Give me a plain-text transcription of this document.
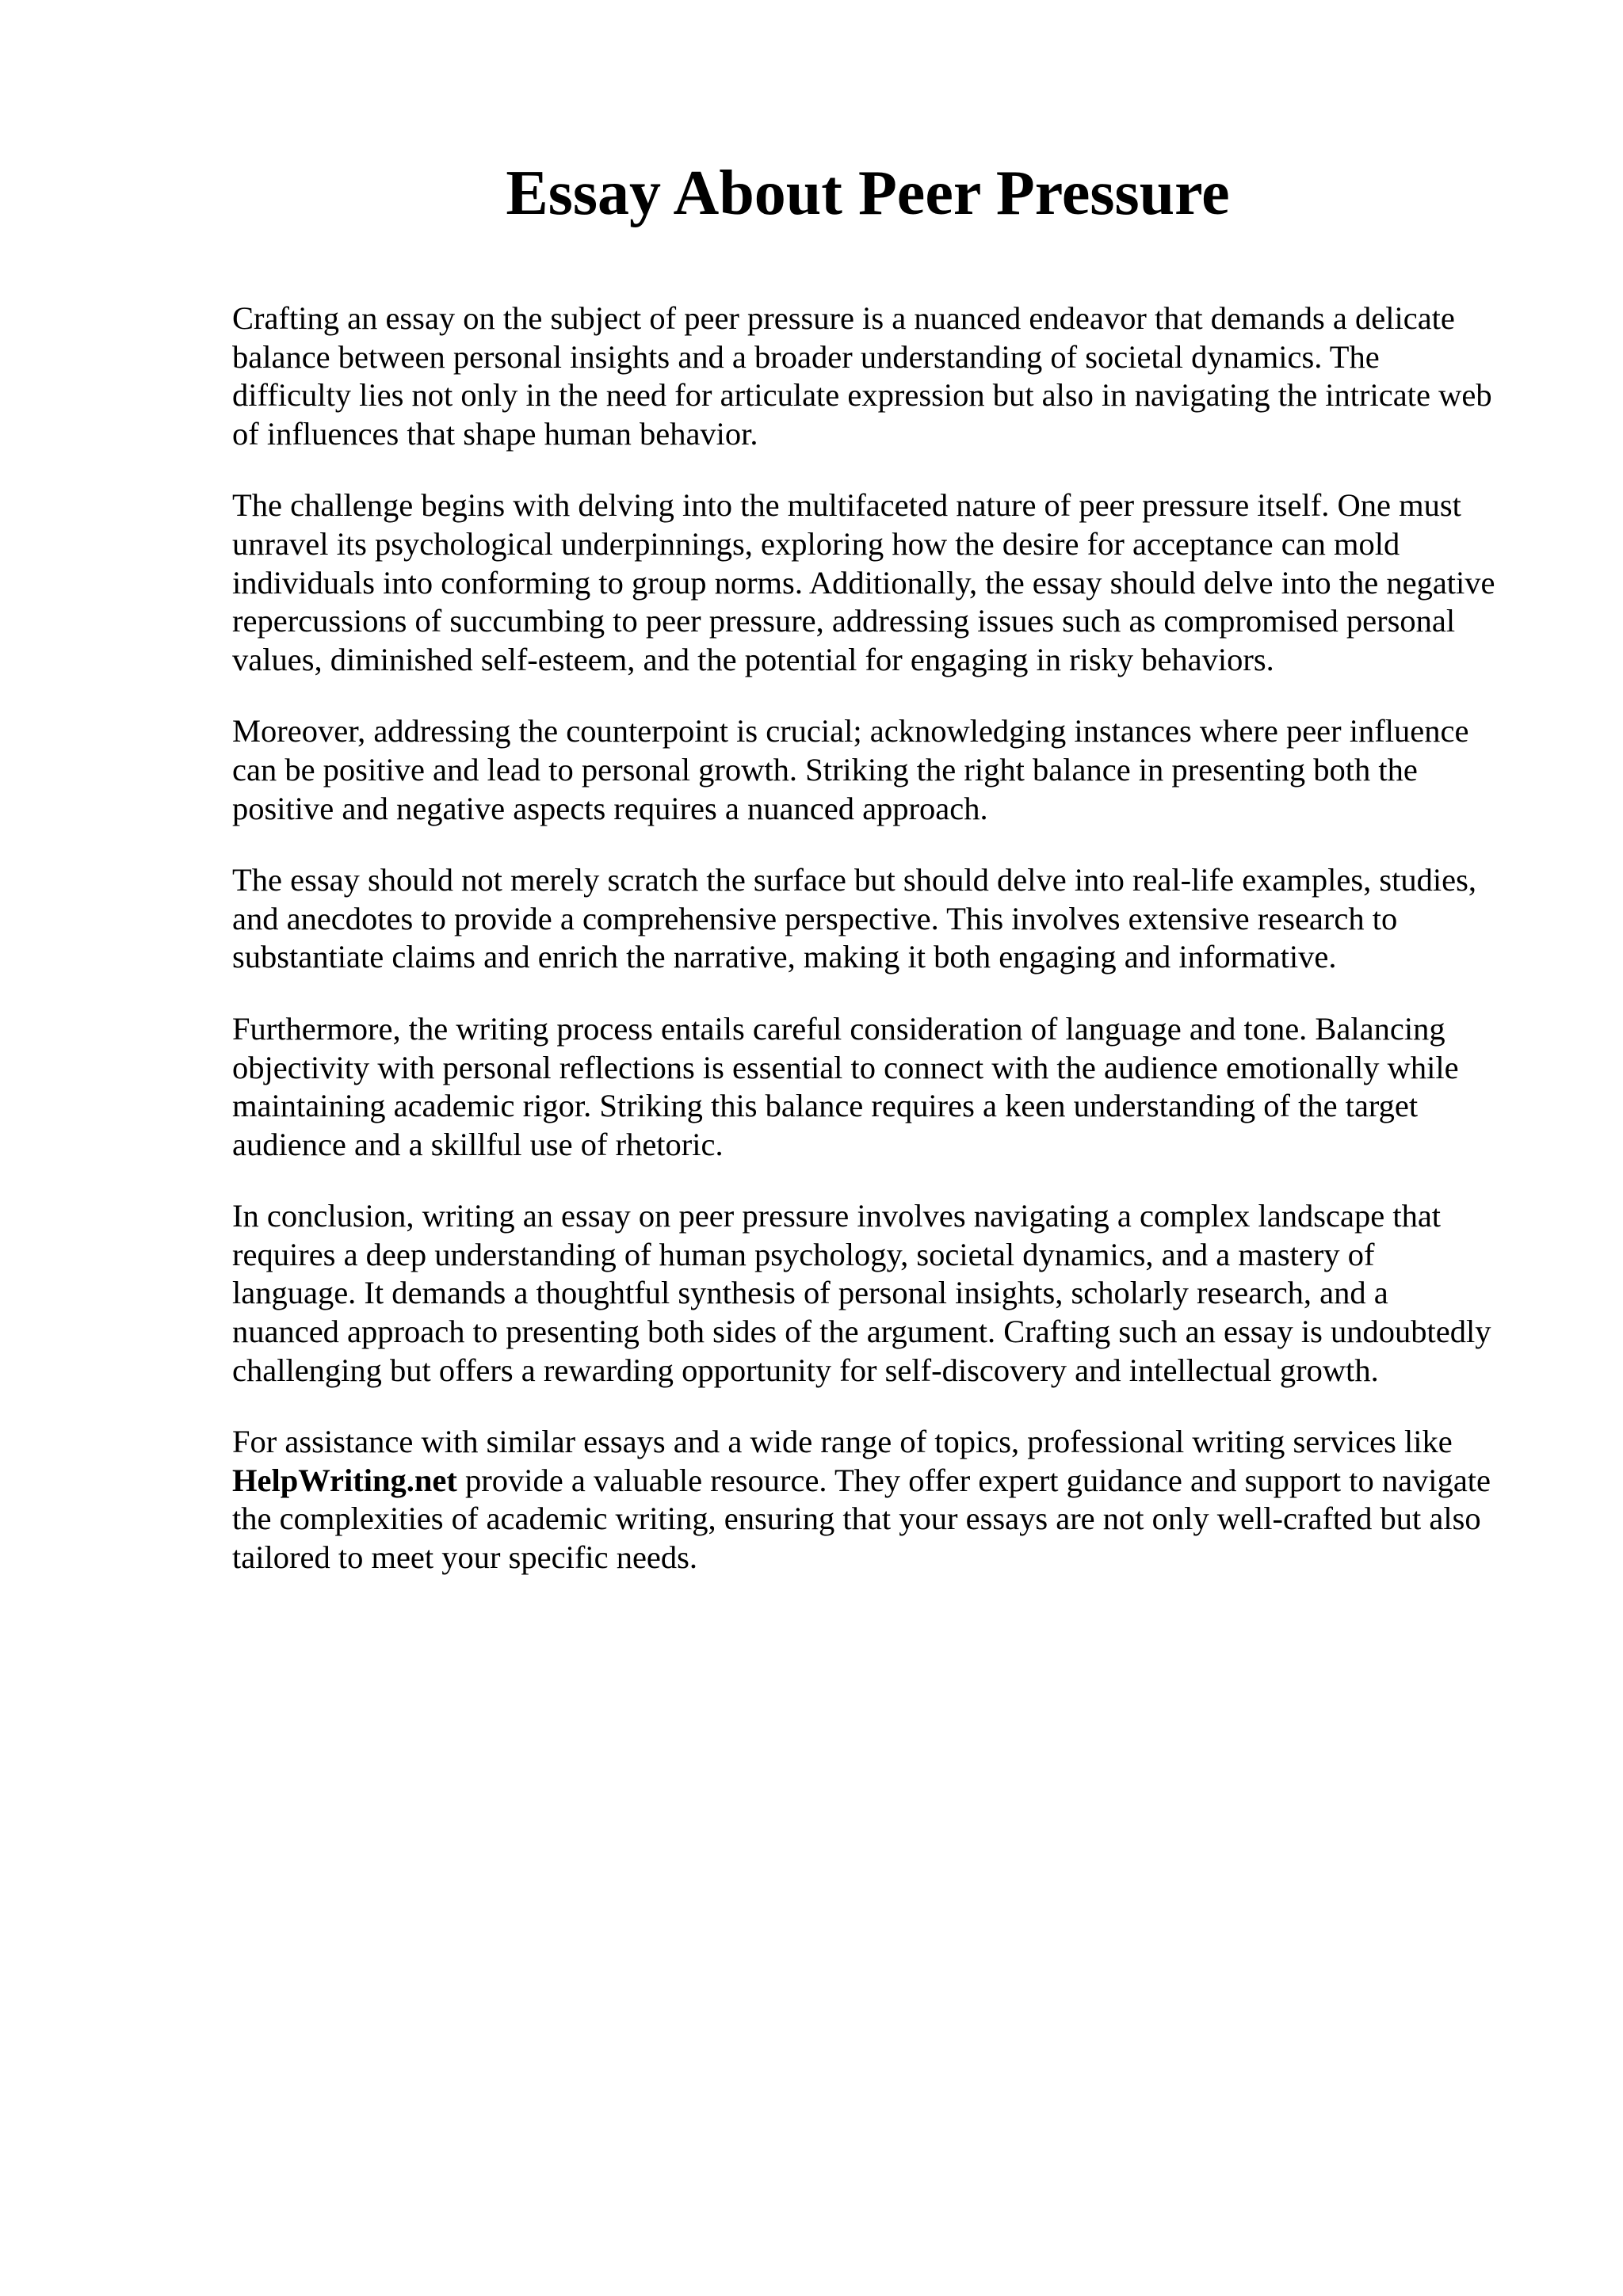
Essay About Peer Pressure

Crafting an essay on the subject of peer pressure is a nuanced endeavor that demands a delicate balance between personal insights and a broader understanding of societal dynamics. The difficulty lies not only in the need for articulate expression but also in navigating the intricate web of influences that shape human behavior.

The challenge begins with delving into the multifaceted nature of peer pressure itself. One must unravel its psychological underpinnings, exploring how the desire for acceptance can mold individuals into conforming to group norms. Additionally, the essay should delve into the negative repercussions of succumbing to peer pressure, addressing issues such as compromised personal values, diminished self-esteem, and the potential for engaging in risky behaviors.

Moreover, addressing the counterpoint is crucial; acknowledging instances where peer influence can be positive and lead to personal growth. Striking the right balance in presenting both the positive and negative aspects requires a nuanced approach.

The essay should not merely scratch the surface but should delve into real-life examples, studies, and anecdotes to provide a comprehensive perspective. This involves extensive research to substantiate claims and enrich the narrative, making it both engaging and informative.

Furthermore, the writing process entails careful consideration of language and tone. Balancing objectivity with personal reflections is essential to connect with the audience emotionally while maintaining academic rigor. Striking this balance requires a keen understanding of the target audience and a skillful use of rhetoric.

In conclusion, writing an essay on peer pressure involves navigating a complex landscape that requires a deep understanding of human psychology, societal dynamics, and a mastery of language. It demands a thoughtful synthesis of personal insights, scholarly research, and a nuanced approach to presenting both sides of the argument. Crafting such an essay is undoubtedly challenging but offers a rewarding opportunity for self-discovery and intellectual growth.

For assistance with similar essays and a wide range of topics, professional writing services like HelpWriting.net provide a valuable resource. They offer expert guidance and support to navigate the complexities of academic writing, ensuring that your essays are not only well-crafted but also tailored to meet your specific needs.
